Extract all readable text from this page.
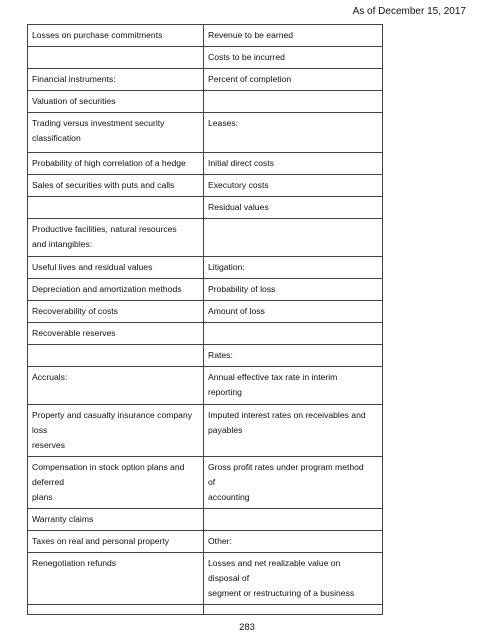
As of December 15, 2017
Losses on purchase commitments	Revenue to be earned
	Costs to be incurred
Financial instruments:	Percent of completion
Valuation of securities	
Trading versus investment security
classification	Leases:
Probability of high correlation of a hedge	Initial direct costs
Sales of securities with puts and calls	Executory costs
	Residual values
Productive facilities, natural resources
and intangibles:	
Useful lives and residual values	Litigation:
Depreciation and amortization methods	Probability of loss
Recoverability of costs	Amount of loss
Recoverable reserves	
	Rates:
Accruals:	Annual effective tax rate in interim
reporting
Property and casualty insurance company
loss
reserves	Imputed interest rates on receivables and
payables
Compensation in stock option plans and
deferred
plans	Gross profit rates under program method
of
accounting
Warranty claims	
Taxes on real and personal property	Other:
Renegotiation refunds	Losses and net realizable value on
disposal of
segment or restructuring of a business

283
